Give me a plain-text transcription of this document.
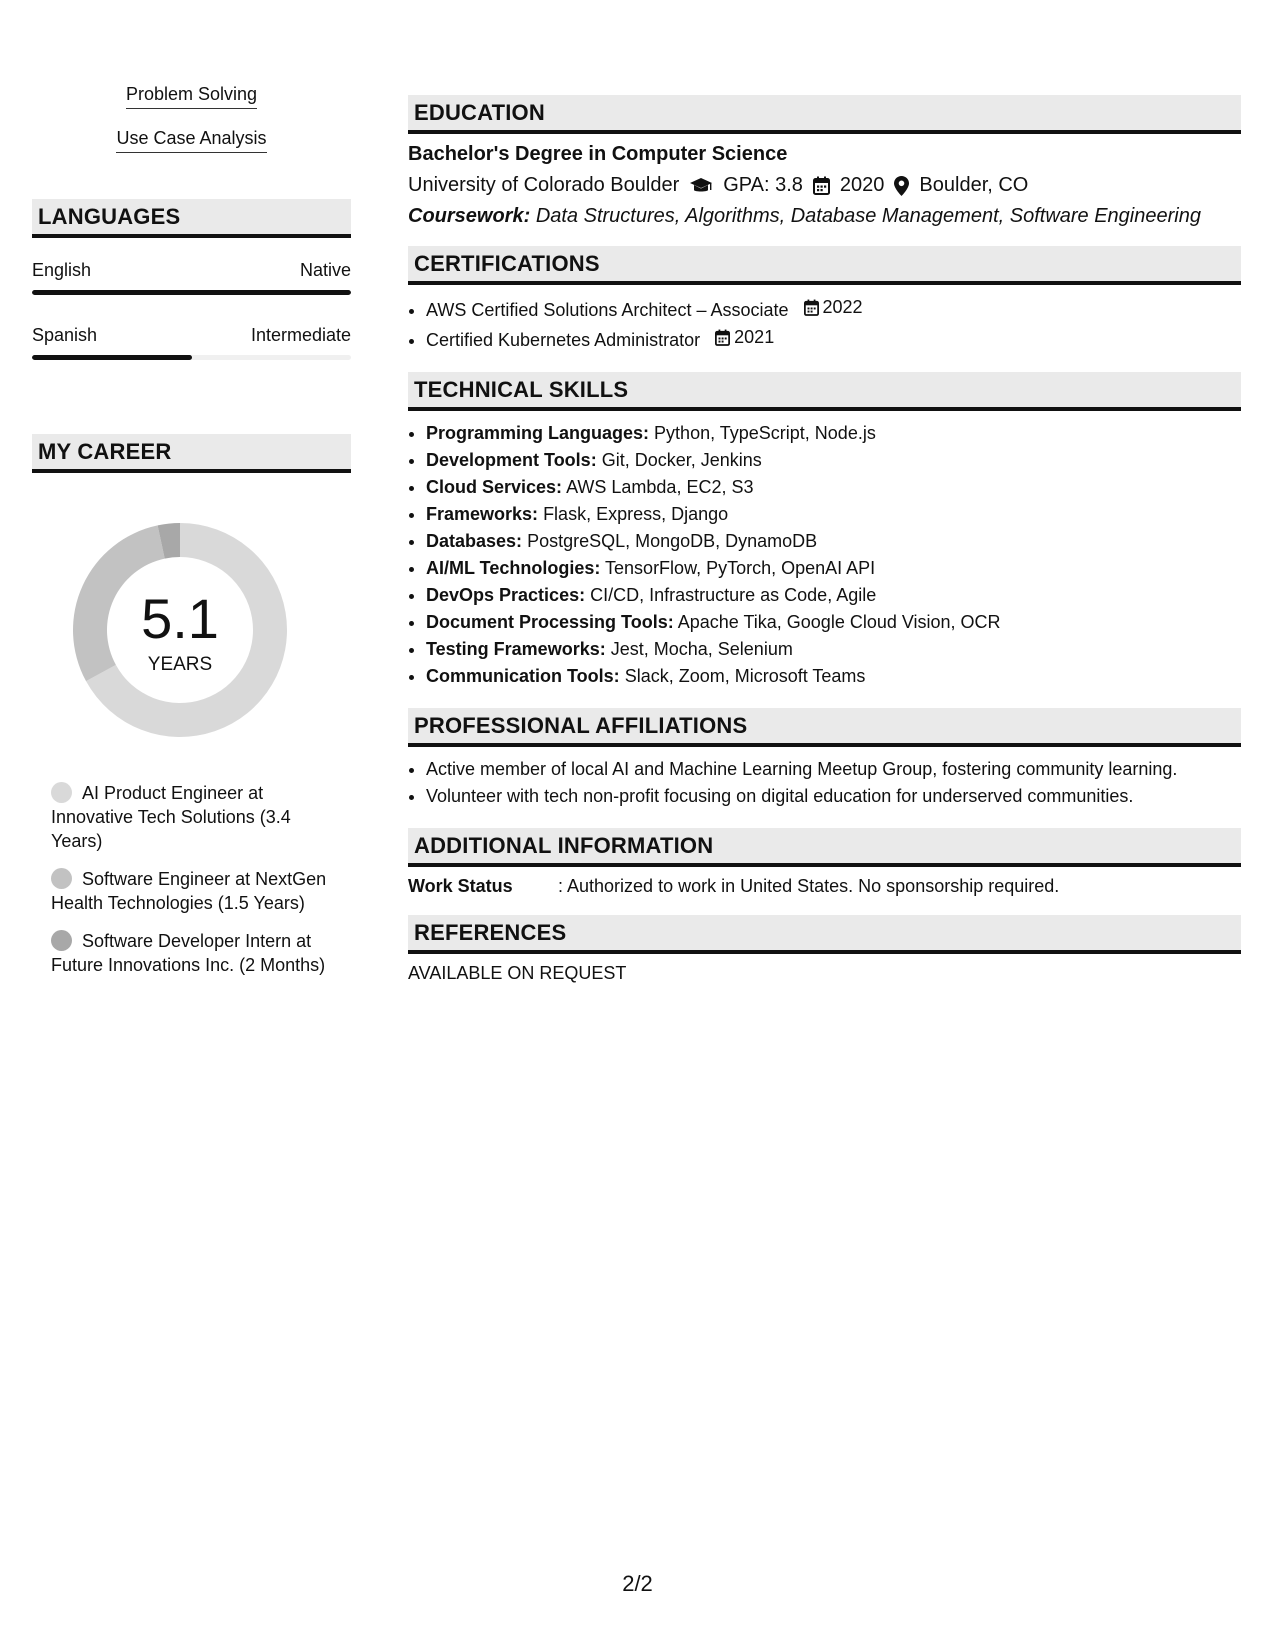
Problem Solving
Use Case Analysis
LANGUAGES
English	Native
Spanish	Intermediate
MY CAREER
5.1
YEARS
AI Product Engineer at Innovative Tech Solutions (3.4 Years)
Software Engineer at NextGen Health Technologies (1.5 Years)
Software Developer Intern at Future Innovations Inc. (2 Months)
EDUCATION
Bachelor's Degree in Computer Science
University of Colorado Boulder GPA: 3.8 2020 Boulder, CO
Coursework: Data Structures, Algorithms, Database Management, Software Engineering
CERTIFICATIONS
• AWS Certified Solutions Architect – Associate 2022
• Certified Kubernetes Administrator 2021
TECHNICAL SKILLS
• Programming Languages: Python, TypeScript, Node.js
• Development Tools: Git, Docker, Jenkins
• Cloud Services: AWS Lambda, EC2, S3
• Frameworks: Flask, Express, Django
• Databases: PostgreSQL, MongoDB, DynamoDB
• AI/ML Technologies: TensorFlow, PyTorch, OpenAI API
• DevOps Practices: CI/CD, Infrastructure as Code, Agile
• Document Processing Tools: Apache Tika, Google Cloud Vision, OCR
• Testing Frameworks: Jest, Mocha, Selenium
• Communication Tools: Slack, Zoom, Microsoft Teams
PROFESSIONAL AFFILIATIONS
• Active member of local AI and Machine Learning Meetup Group, fostering community learning.
• Volunteer with tech non-profit focusing on digital education for underserved communities.
ADDITIONAL INFORMATION
Work Status	: Authorized to work in United States. No sponsorship required.
REFERENCES
AVAILABLE ON REQUEST
2/2
